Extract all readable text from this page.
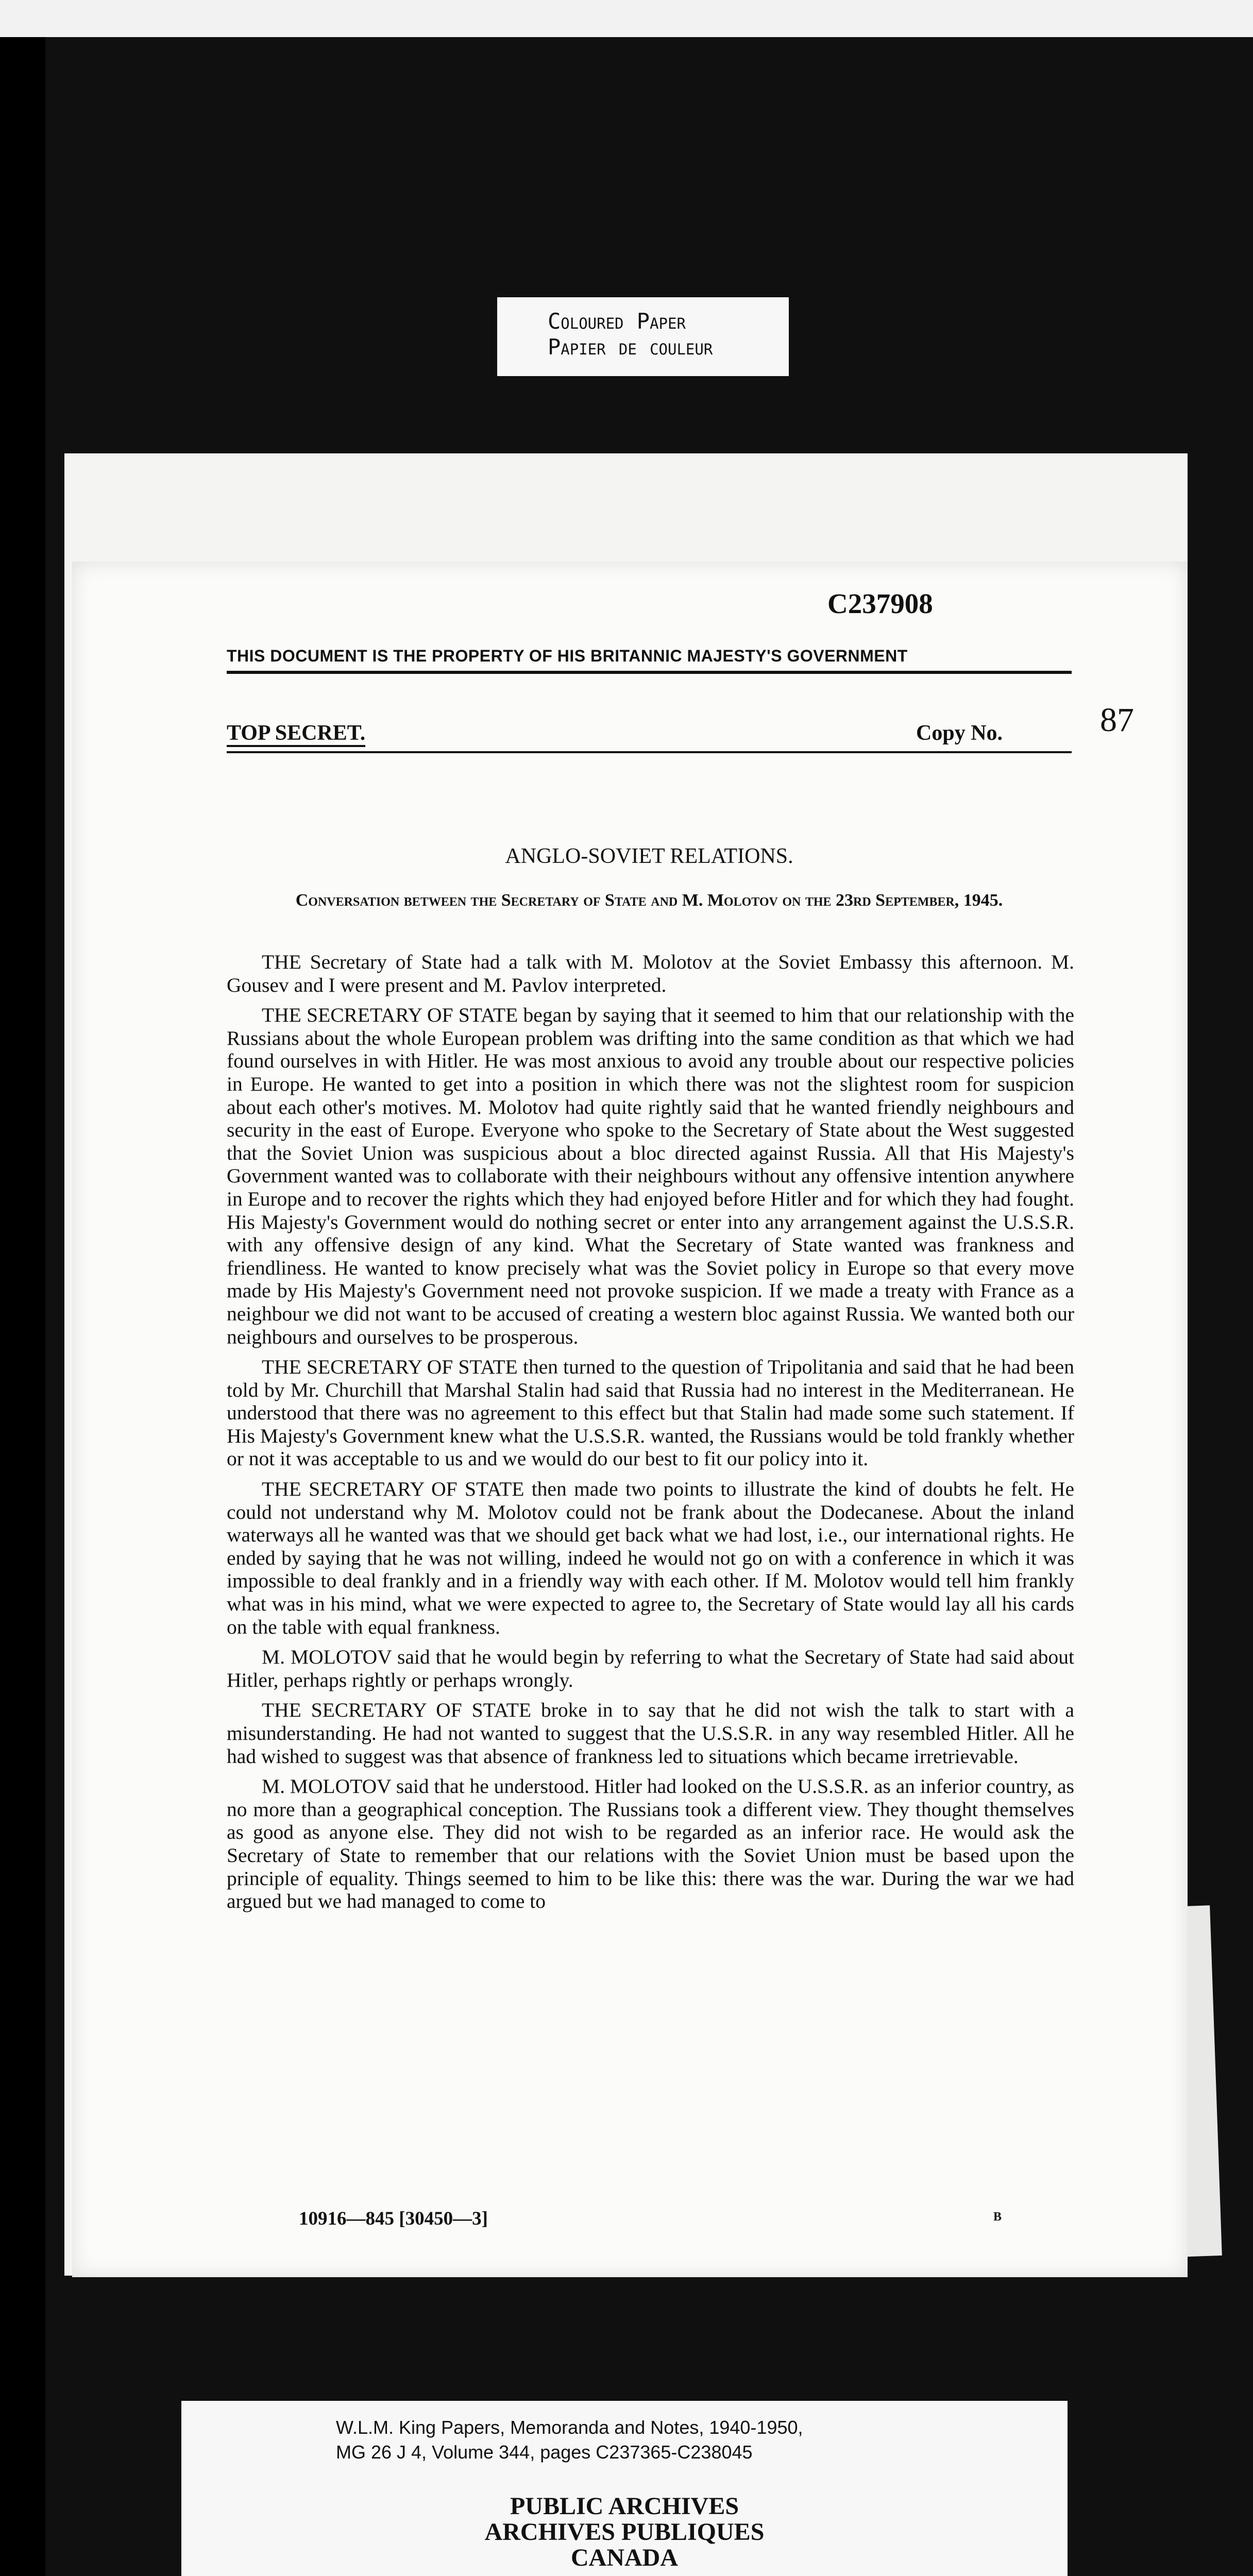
Coloured Paper
Papier de couleur
C237908
THIS DOCUMENT IS THE PROPERTY OF HIS BRITANNIC MAJESTY'S GOVERNMENT
TOP SECRET.	Copy No.	87
ANGLO-SOVIET RELATIONS.
Conversation between the Secretary of State and M. Molotov on the 23rd September, 1945.

THE Secretary of State had a talk with M. Molotov at the Soviet Embassy this afternoon. M. Gousev and I were present and M. Pavlov interpreted.

THE SECRETARY OF STATE began by saying that it seemed to him that our relationship with the Russians about the whole European problem was drifting into the same condition as that which we had found ourselves in with Hitler. He was most anxious to avoid any trouble about our respective policies in Europe. He wanted to get into a position in which there was not the slightest room for suspicion about each other's motives. M. Molotov had quite rightly said that he wanted friendly neighbours and security in the east of Europe. Everyone who spoke to the Secretary of State about the West suggested that the Soviet Union was suspicious about a bloc directed against Russia. All that His Majesty's Government wanted was to collaborate with their neighbours without any offensive intention anywhere in Europe and to recover the rights which they had enjoyed before Hitler and for which they had fought. His Majesty's Government would do nothing secret or enter into any arrangement against the U.S.S.R. with any offensive design of any kind. What the Secretary of State wanted was frankness and friendliness. He wanted to know precisely what was the Soviet policy in Europe so that every move made by His Majesty's Government need not provoke suspicion. If we made a treaty with France as a neighbour we did not want to be accused of creating a western bloc against Russia. We wanted both our neighbours and ourselves to be prosperous.

THE SECRETARY OF STATE then turned to the question of Tripolitania and said that he had been told by Mr. Churchill that Marshal Stalin had said that Russia had no interest in the Mediterranean. He understood that there was no agreement to this effect but that Stalin had made some such statement. If His Majesty's Government knew what the U.S.S.R. wanted, the Russians would be told frankly whether or not it was acceptable to us and we would do our best to fit our policy into it.

THE SECRETARY OF STATE then made two points to illustrate the kind of doubts he felt. He could not understand why M. Molotov could not be frank about the Dodecanese. About the inland waterways all he wanted was that we should get back what we had lost, i.e., our international rights. He ended by saying that he was not willing, indeed he would not go on with a conference in which it was impossible to deal frankly and in a friendly way with each other. If M. Molotov would tell him frankly what was in his mind, what we were expected to agree to, the Secretary of State would lay all his cards on the table with equal frankness.

M. MOLOTOV said that he would begin by referring to what the Secretary of State had said about Hitler, perhaps rightly or perhaps wrongly.

THE SECRETARY OF STATE broke in to say that he did not wish the talk to start with a misunderstanding. He had not wanted to suggest that the U.S.S.R. in any way resembled Hitler. All he had wished to suggest was that absence of frankness led to situations which became irretrievable.

M. MOLOTOV said that he understood. Hitler had looked on the U.S.S.R. as an inferior country, as no more than a geographical conception. The Russians took a different view. They thought themselves as good as anyone else. They did not wish to be regarded as an inferior race. He would ask the Secretary of State to remember that our relations with the Soviet Union must be based upon the principle of equality. Things seemed to him to be like this: there was the war. During the war we had argued but we had managed to come to

10916—845 [30450—3]	B
W.L.M. King Papers, Memoranda and Notes, 1940-1950,
MG 26 J 4, Volume 344, pages C237365-C238045
PUBLIC ARCHIVES
ARCHIVES PUBLIQUES
CANADA
